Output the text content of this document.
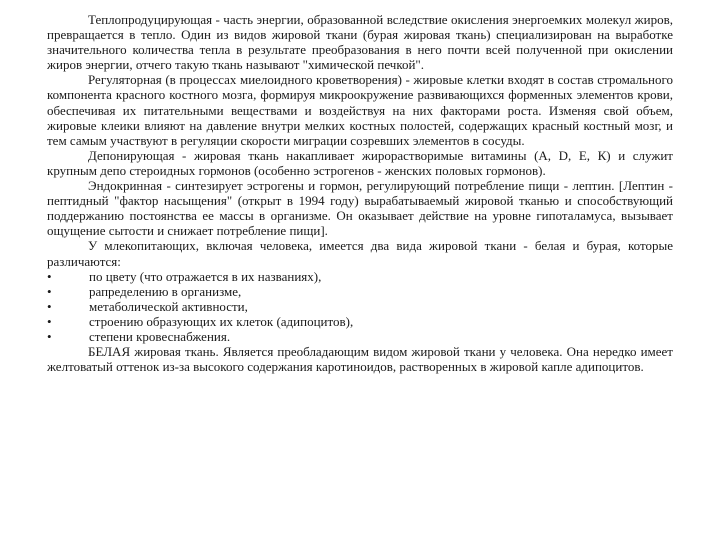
Теплопродуцирующая - часть энергии, образованной вследствие окисления энергоемких молекул жиров, превращается в тепло. Один из видов жировой ткани (бурая жировая ткань) специализирован на выработке значительного количества тепла в результате преобразования в него почти всей полученной при окислении жиров энергии, отчего такую ткань называют "химической печкой".

Регуляторная (в процессах миелоидного кроветворения) - жировые клетки входят в состав стромального компонента красного костного мозга, формируя микроокружение развивающихся форменных элементов крови, обеспечивая их питательными веществами и воздействуя на них факторами роста. Изменяя свой объем, жировые клеики влияют на давление внутри мелких костных полостей, содержащих красный костный мозг, и тем самым участвуют в регуляции скорости миграции созревших элементов в сосуды.

Депонирующая - жировая ткань накапливает жирорастворимые витамины (А, D, Е, К) и служит крупным депо стероидных гормонов (особенно эстрогенов - женских половых гормонов).

Эндокринная - синтезирует эстрогены и гормон, регулирующий потребление пищи - лептин. [Лептин - пептидный "фактор насыщения" (открыт в 1994 году) вырабатываемый жировой тканью и способствующий поддержанию постоянства ее массы в организме. Он оказывает действие на уровне гипоталамуса, вызывает ощущение сытости и снижает потребление пищи].

У млекопитающих, включая человека, имеется два вида жировой ткани - белая и бурая, которые различаются:

•	по цвету (что отражается в их названиях),
•	рапределению в организме,
•	метаболической активности,
•	строению образующих их клеток (адипоцитов),
•	степени кровеснабжения.

БЕЛАЯ жировая ткань. Является преобладающим видом жировой ткани у человека. Она нередко имеет желтоватый оттенок из-за высокого содержания каротиноидов, растворенных в жировой капле адипоцитов.
